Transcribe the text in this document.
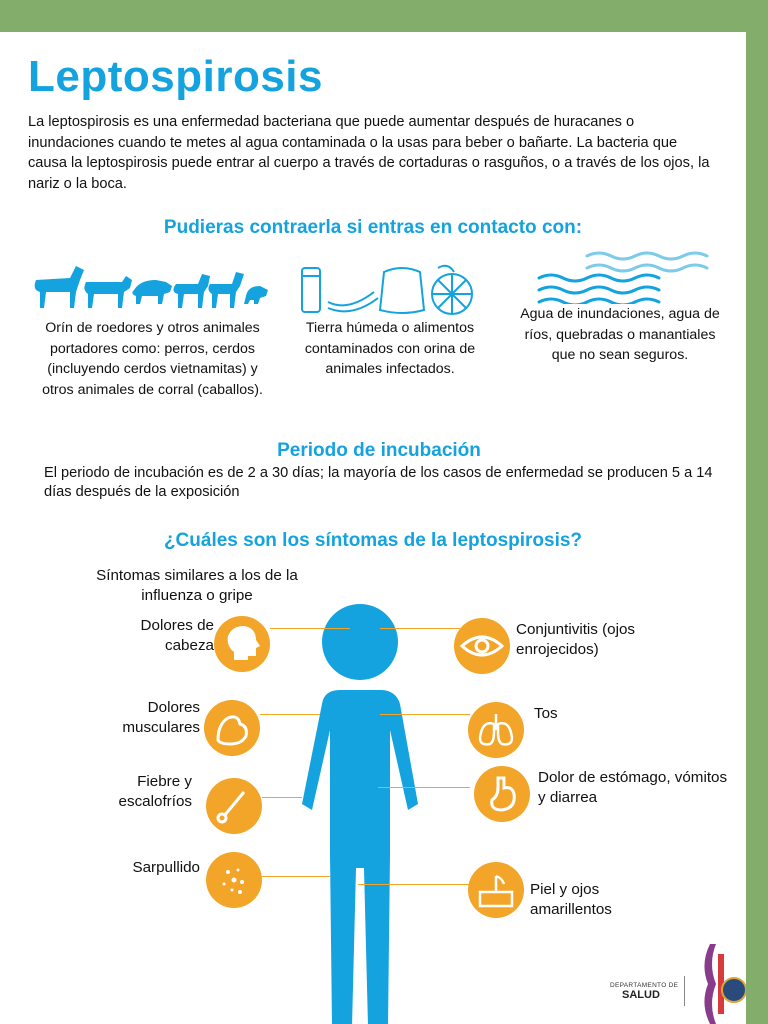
Leptospirosis
La leptospirosis es una enfermedad bacteriana que puede aumentar después de huracanes o inundaciones cuando te metes al agua contaminada o la usas para beber o bañarte. La bacteria que causa la leptospirosis puede entrar al cuerpo a través de cortaduras o rasguños, o a través de los ojos, la nariz o la boca.
Pudieras contraerla si entras en contacto con:
Orín de roedores y otros animales portadores como: perros, cerdos (incluyendo cerdos vietnamitas) y otros animales de corral (caballos).
Tierra húmeda o alimentos contaminados con orina de animales infectados.
Agua de inundaciones, agua de ríos, quebradas o manantiales que no sean seguros.
Periodo de incubación
El periodo de incubación es de 2 a 30 días; la mayoría de los casos de enfermedad se producen 5 a 14 días después de la exposición
¿Cuáles son los síntomas de la leptospirosis?
Síntomas similares a los de la influenza o gripe
Dolores de cabeza
Dolores musculares
Fiebre y escalofríos
Sarpullido
Conjuntivitis (ojos enrojecidos)
Tos
Dolor de estómago, vómitos y diarrea
Piel y ojos amarillentos
DEPARTAMENTO DE
SALUD
